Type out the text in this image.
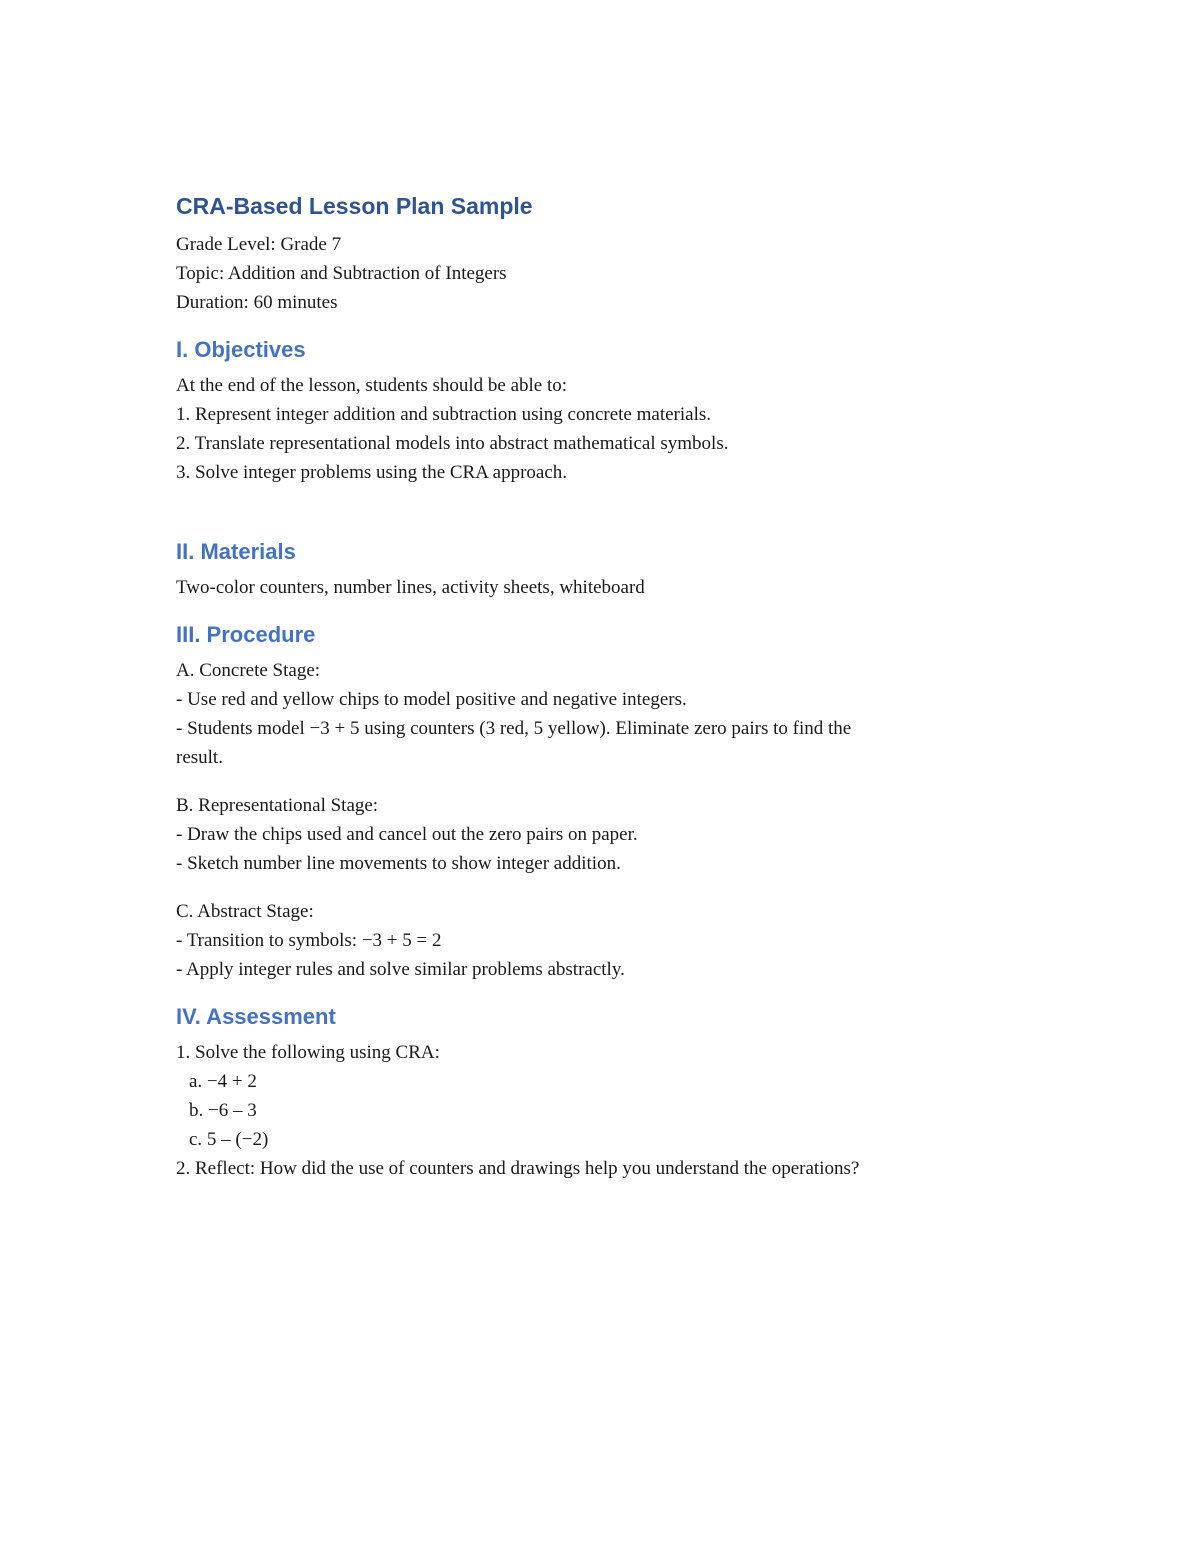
CRA-Based Lesson Plan Sample

Grade Level: Grade 7

Topic: Addition and Subtraction of Integers

Duration: 60 minutes

I. Objectives

At the end of the lesson, students should be able to:

1. Represent integer addition and subtraction using concrete materials.

2. Translate representational models into abstract mathematical symbols.

3. Solve integer problems using the CRA approach.

II. Materials

Two-color counters, number lines, activity sheets, whiteboard

III. Procedure

A. Concrete Stage:

- Use red and yellow chips to model positive and negative integers.

- Students model −3 + 5 using counters (3 red, 5 yellow). Eliminate zero pairs to find the

result.

B. Representational Stage:

- Draw the chips used and cancel out the zero pairs on paper.

- Sketch number line movements to show integer addition.

C. Abstract Stage:

- Transition to symbols: −3 + 5 = 2

- Apply integer rules and solve similar problems abstractly.

IV. Assessment

1. Solve the following using CRA:

a. −4 + 2

b. −6 – 3

c. 5 – (−2)

2. Reflect: How did the use of counters and drawings help you understand the operations?
